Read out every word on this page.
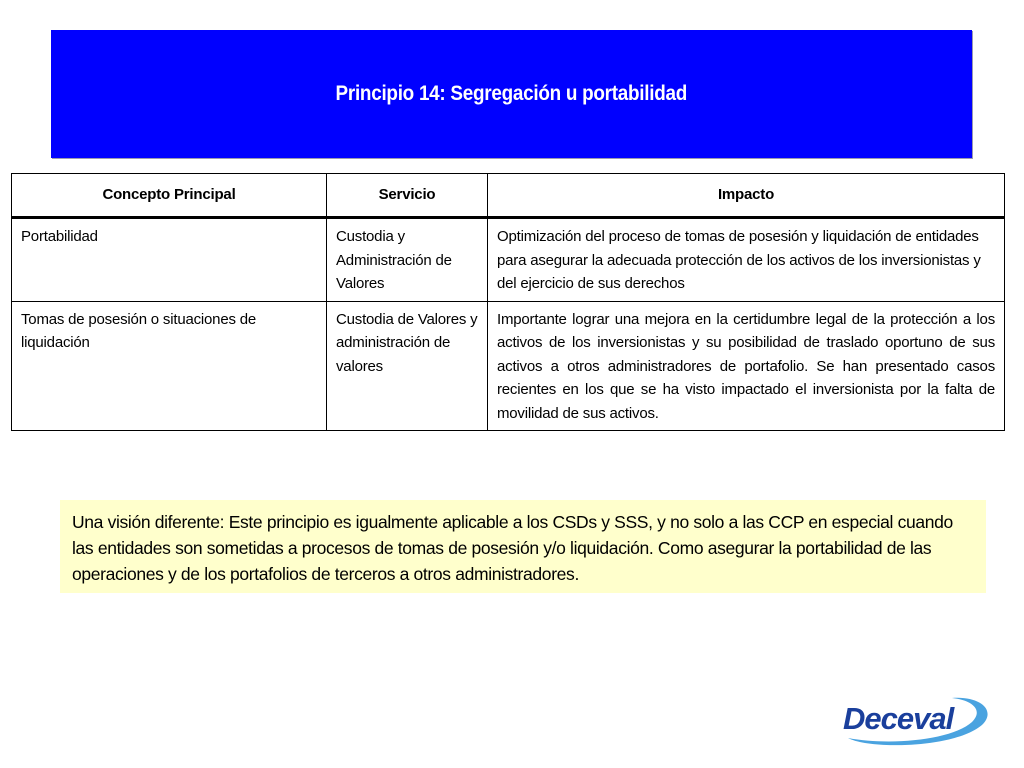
Principio 14: Segregación u portabilidad
Concepto Principal	Servicio	Impacto
Portabilidad	Custodia y Administración de Valores	Optimización del proceso de tomas de posesión y liquidación de entidades para asegurar la adecuada protección de los activos de los inversionistas y del ejercicio de sus derechos
Tomas de posesión o situaciones de liquidación	Custodia de Valores y administración de valores	Importante lograr una mejora en la certidumbre legal de la protección a los activos de los inversionistas y su posibilidad de traslado oportuno de sus activos a otros administradores de portafolio. Se han presentado casos recientes en los que se ha visto impactado el inversionista por la falta de movilidad de sus activos.
Una visión diferente: Este principio es igualmente aplicable a los CSDs y SSS, y no solo a las CCP en especial cuando las entidades son sometidas a procesos de tomas de posesión y/o liquidación. Como asegurar la portabilidad de las operaciones y de los portafolios de terceros a otros administradores.
Deceval
